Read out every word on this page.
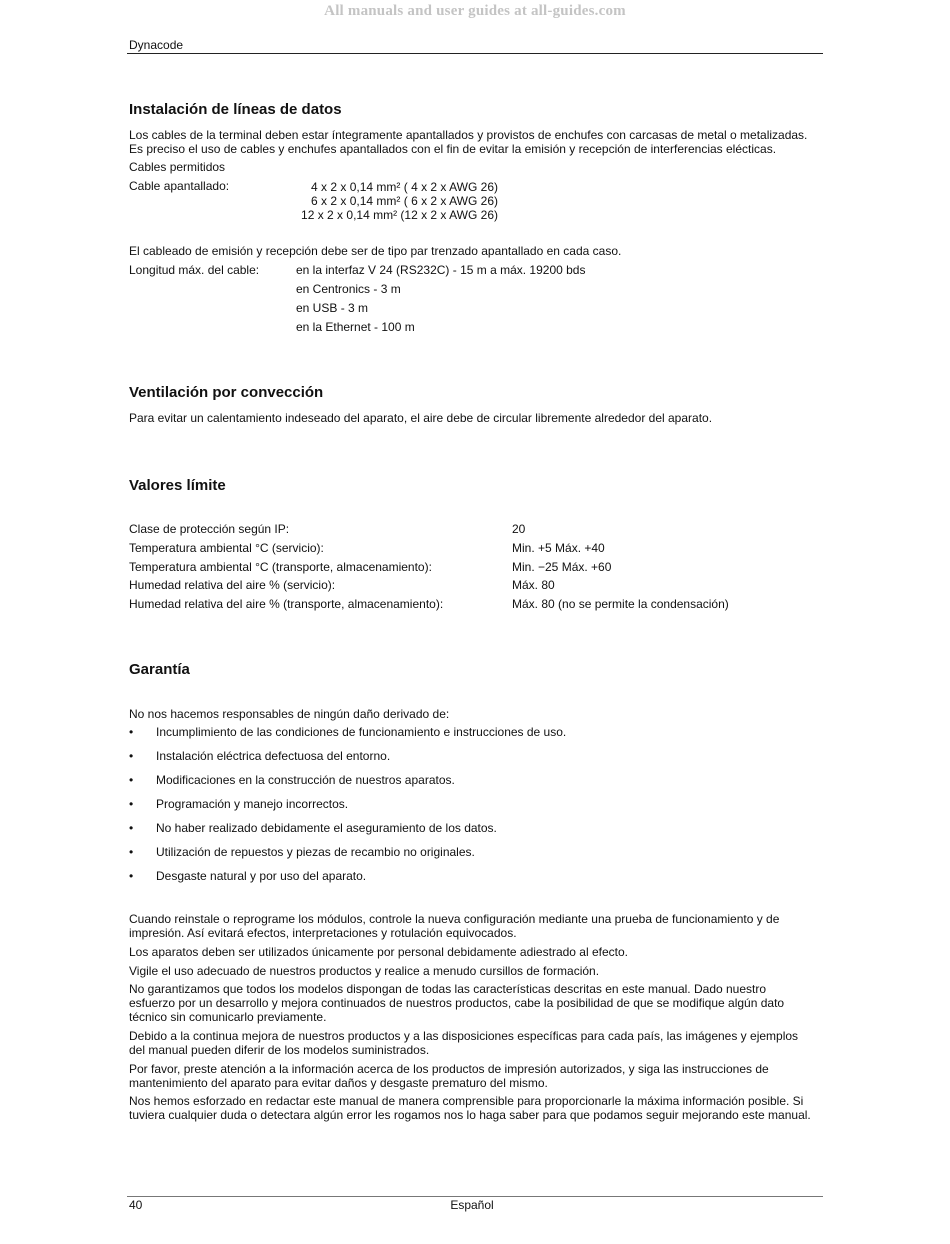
All manuals and user guides at all-guides.com
Dynacode
Instalación de líneas de datos
Los cables de la terminal deben estar íntegramente apantallados y provistos de enchufes con carcasas de metal o metalizadas.
Es preciso el uso de cables y enchufes apantallados con el fin de evitar la emisión y recepción de interferencias elécticas.
Cables permitidos
Cable apantallado:	4 x 2 x 0,14 mm² ( 4 x 2 x AWG 26)
6 x 2 x 0,14 mm² ( 6 x 2 x AWG 26)
12 x 2 x 0,14 mm² (12 x 2 x AWG 26)
El cableado de emisión y recepción debe ser de tipo par trenzado apantallado en cada caso.
Longitud máx. del cable:	en la interfaz V 24 (RS232C) - 15 m a máx. 19200 bds
en Centronics - 3 m
en USB - 3 m
en la Ethernet - 100 m
Ventilación por convección
Para evitar un calentamiento indeseado del aparato, el aire debe de circular libremente alrededor del aparato.
Valores límite
Clase de protección según IP:	20
Temperatura ambiental °C (servicio):	Min. +5 Máx. +40
Temperatura ambiental °C (transporte, almacenamiento):	Min. −25 Máx. +60
Humedad relativa del aire % (servicio):	Máx. 80
Humedad relativa del aire % (transporte, almacenamiento):	Máx. 80 (no se permite la condensación)
Garantía
No nos hacemos responsables de ningún daño derivado de:
• Incumplimiento de las condiciones de funcionamiento e instrucciones de uso.
• Instalación eléctrica defectuosa del entorno.
• Modificaciones en la construcción de nuestros aparatos.
• Programación y manejo incorrectos.
• No haber realizado debidamente el aseguramiento de los datos.
• Utilización de repuestos y piezas de recambio no originales.
• Desgaste natural y por uso del aparato.
Cuando reinstale o reprograme los módulos, controle la nueva configuración mediante una prueba de funcionamiento y de
impresión. Así evitará efectos, interpretaciones y rotulación equivocados.
Los aparatos deben ser utilizados únicamente por personal debidamente adiestrado al efecto.
Vigile el uso adecuado de nuestros productos y realice a menudo cursillos de formación.
No garantizamos que todos los modelos dispongan de todas las características descritas en este manual. Dado nuestro
esfuerzo por un desarrollo y mejora continuados de nuestros productos, cabe la posibilidad de que se modifique algún dato
técnico sin comunicarlo previamente.
Debido a la continua mejora de nuestros productos y a las disposiciones específicas para cada país, las imágenes y ejemplos
del manual pueden diferir de los modelos suministrados.
Por favor, preste atención a la información acerca de los productos de impresión autorizados, y siga las instrucciones de
mantenimiento del aparato para evitar daños y desgaste prematuro del mismo.
Nos hemos esforzado en redactar este manual de manera comprensible para proporcionarle la máxima información posible. Si
tuviera cualquier duda o detectara algún error les rogamos nos lo haga saber para que podamos seguir mejorando este manual.
40	Español
